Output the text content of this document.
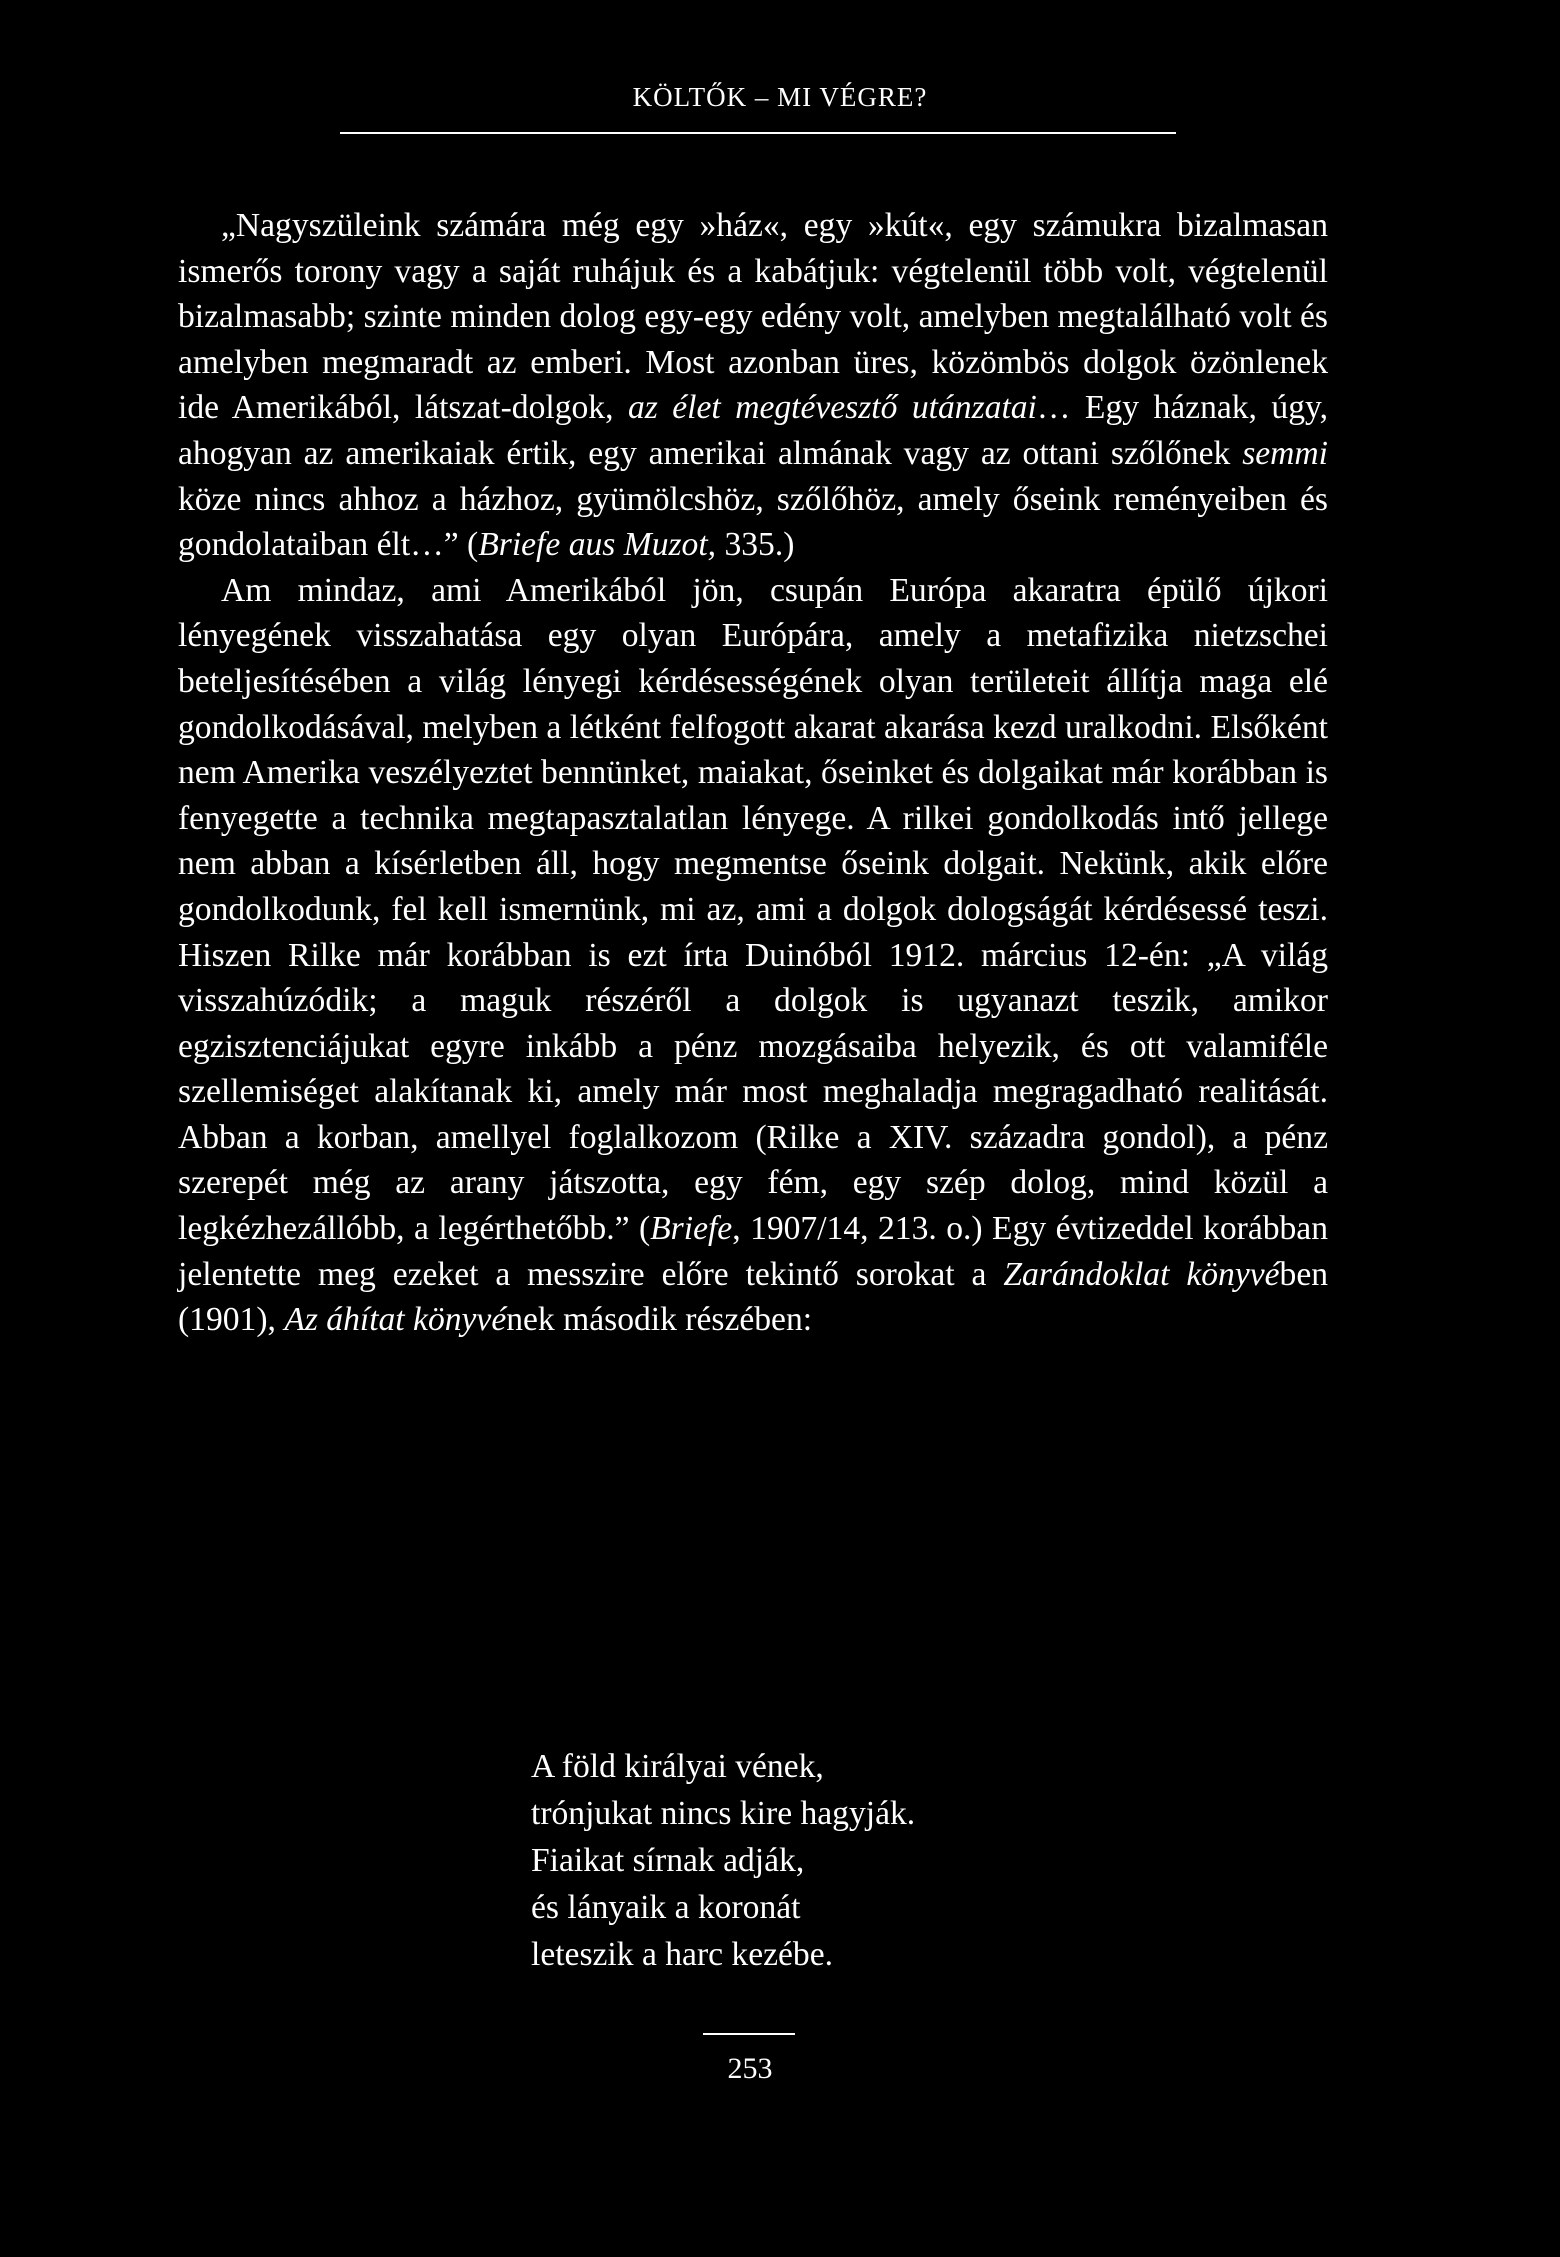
KÖLTŐK – MI VÉGRE?

„Nagyszüleink számára még egy »ház«, egy »kút«, egy számukra bizalmasan ismerős torony vagy a saját ruhájuk és a kabátjuk: végtelenül több volt, végtelenül bizalmasabb; szinte minden dolog egy-egy edény volt, amelyben megtalálható volt és amelyben megmaradt az emberi. Most azonban üres, közömbös dolgok özönlenek ide Amerikából, látszat-dolgok, az élet megtévesztő utánzatai… Egy háznak, úgy, ahogyan az amerikaiak értik, egy amerikai almának vagy az ottani szőlőnek semmi köze nincs ahhoz a házhoz, gyümölcshöz, szőlőhöz, amely őseink reményeiben és gondolataiban élt…” (Briefe aus Muzot, 335.)

Am mindaz, ami Amerikából jön, csupán Európa akaratra épülő újkori lényegének visszahatása egy olyan Európára, amely a metafizika nietzschei beteljesítésében a világ lényegi kérdésességének olyan területeit állítja maga elé gondolkodásával, melyben a létként felfogott akarat akarása kezd uralkodni. Elsőként nem Amerika veszélyeztet bennünket, maiakat, őseinket és dolgaikat már korábban is fenyegette a technika megtapasztalatlan lényege. A rilkei gondolkodás intő jellege nem abban a kísérletben áll, hogy megmentse őseink dolgait. Nekünk, akik előre gondolkodunk, fel kell ismernünk, mi az, ami a dolgok dologságát kérdésessé teszi. Hiszen Rilke már korábban is ezt írta Duinóból 1912. március 12-én: „A világ visszahúzódik; a maguk részéről a dolgok is ugyanazt teszik, amikor egzisztenciájukat egyre inkább a pénz mozgásaiba helyezik, és ott valamiféle szellemiséget alakítanak ki, amely már most meghaladja megragadható realitását. Abban a korban, amellyel foglalkozom (Rilke a XIV. századra gondol), a pénz szerepét még az arany játszotta, egy fém, egy szép dolog, mind közül a legkézhezállóbb, a legérthetőbb.” (Briefe, 1907/14, 213. o.) Egy évtizeddel korábban jelentette meg ezeket a messzire előre tekintő sorokat a Zarándoklat könyvében (1901), Az áhítat könyvének második részében:

A föld királyai vének,
trónjukat nincs kire hagyják.
Fiaikat sírnak adják,
és lányaik a koronát
leteszik a harc kezébe.
253
